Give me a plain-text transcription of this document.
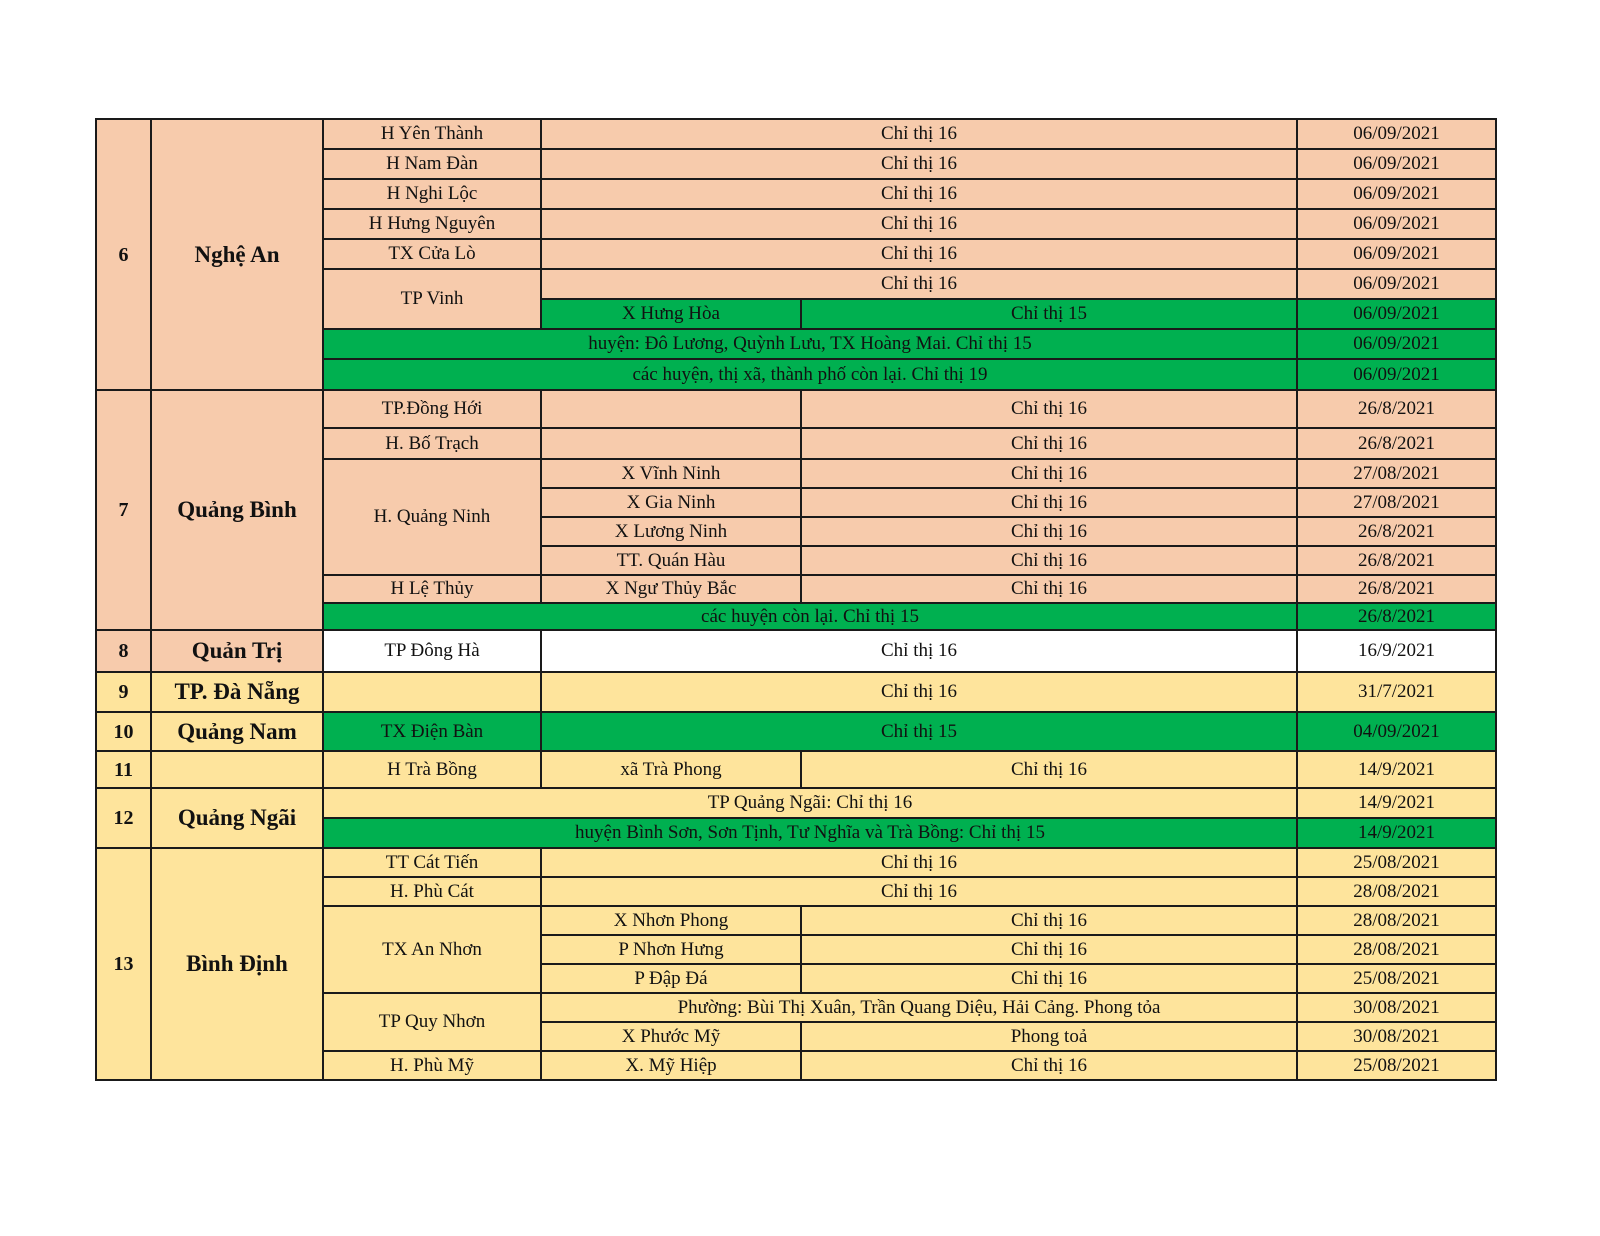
6	Nghệ An	H Yên Thành	Chỉ thị 16		06/09/2021
		H Nam Đàn	Chỉ thị 16		06/09/2021
		H Nghi Lộc	Chỉ thị 16		06/09/2021
		H Hưng Nguyên	Chỉ thị 16		06/09/2021
		TX Cửa Lò	Chỉ thị 16		06/09/2021
		TP Vinh	Chỉ thị 16		06/09/2021
			X Hưng Hòa	Chỉ thị 15	06/09/2021
		huyện: Đô Lương, Quỳnh Lưu, TX Hoàng Mai. Chỉ thị 15			06/09/2021
		các huyện, thị xã, thành phố còn lại. Chỉ thị 19			06/09/2021
7	Quảng Bình	TP.Đồng Hới		Chỉ thị 16	26/8/2021
		H. Bố Trạch		Chỉ thị 16	26/8/2021
		H. Quảng Ninh	X Vĩnh Ninh	Chỉ thị 16	27/08/2021
			X Gia Ninh	Chỉ thị 16	27/08/2021
			X Lương Ninh	Chỉ thị 16	26/8/2021
			TT. Quán Hàu	Chỉ thị 16	26/8/2021
		H Lệ Thủy	X Ngư Thủy Bắc	Chỉ thị 16	26/8/2021
		các huyện còn lại. Chỉ thị 15			26/8/2021
8	Quản Trị	TP Đông Hà	Chỉ thị 16		16/9/2021
9	TP. Đà Nẵng		Chỉ thị 16		31/7/2021
10	Quảng Nam	TX Điện Bàn	Chỉ thị 15		04/09/2021
11		H Trà Bồng	xã Trà Phong	Chỉ thị 16	14/9/2021
12	Quảng Ngãi	TP Quảng Ngãi: Chỉ thị 16			14/9/2021
		huyện Bình Sơn, Sơn Tịnh, Tư Nghĩa và Trà Bồng: Chỉ thị 15			14/9/2021
13	Bình Định	TT Cát Tiến	Chỉ thị 16		25/08/2021
		H. Phù Cát	Chỉ thị 16		28/08/2021
		TX An Nhơn	X Nhơn Phong	Chỉ thị 16	28/08/2021
			P Nhơn Hưng	Chỉ thị 16	28/08/2021
			P Đập Đá	Chỉ thị 16	25/08/2021
		TP Quy Nhơn	Phường: Bùi Thị Xuân, Trần Quang Diệu, Hải Cảng. Phong tỏa		30/08/2021
			X Phước Mỹ	Phong toả	30/08/2021
		H. Phù Mỹ	X. Mỹ Hiệp	Chỉ thị 16	25/08/2021
